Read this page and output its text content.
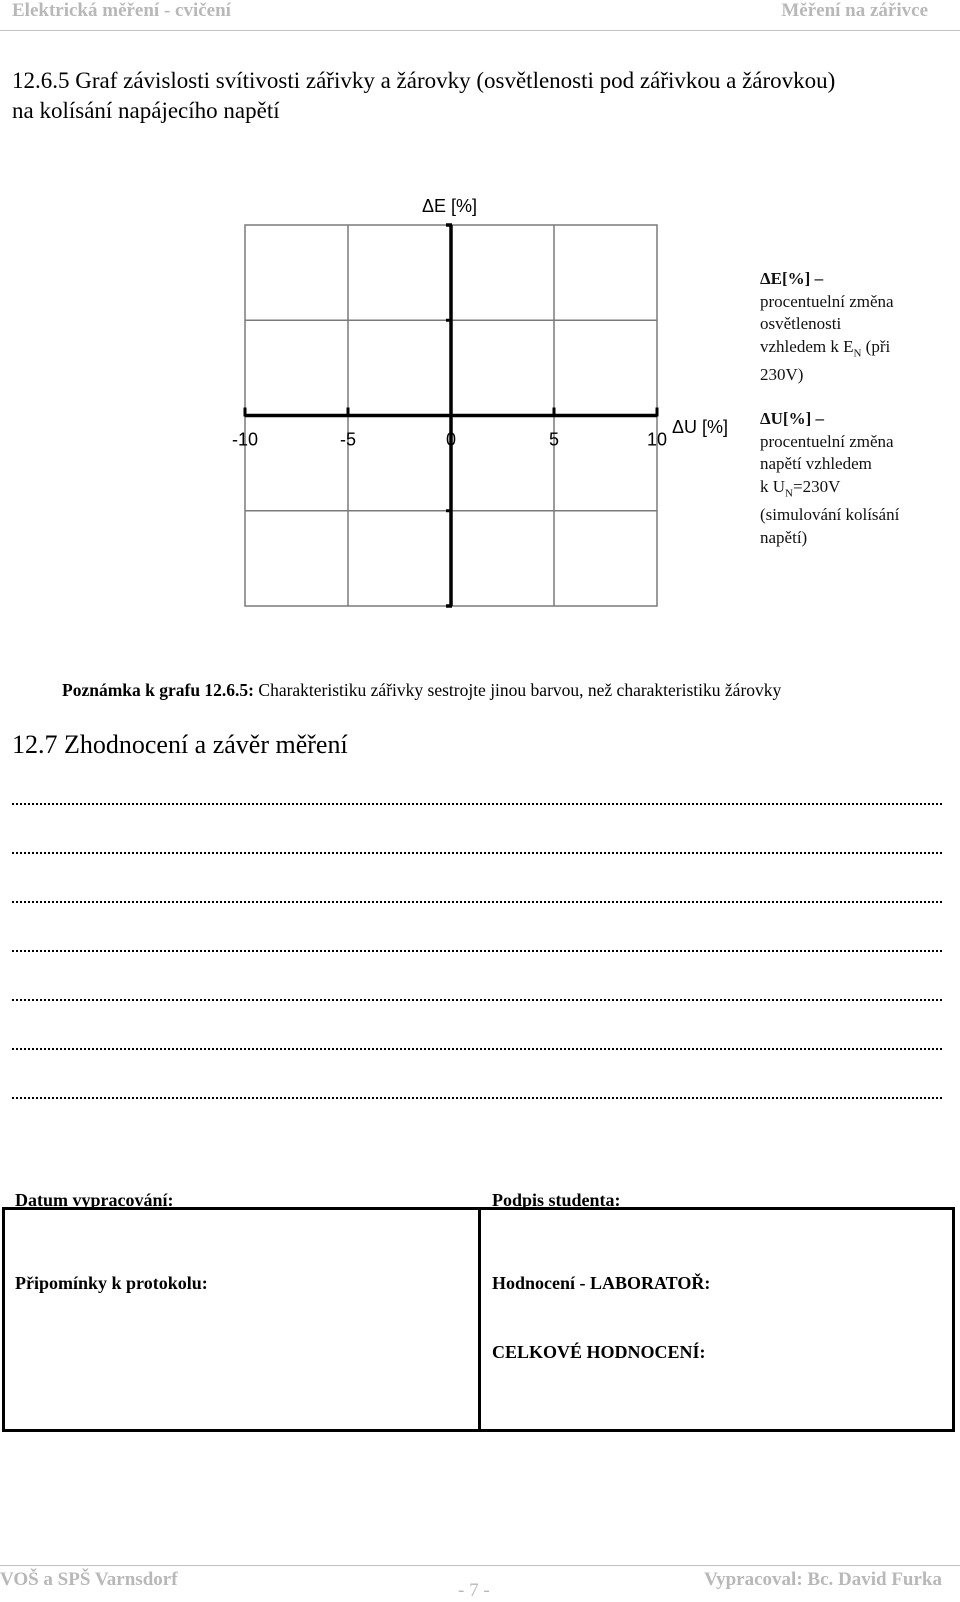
Elektrická měření - cvičení	Měření na zářivce
12.6.5 Graf závislosti svítivosti zářivky a žárovky (osvětlenosti pod zářivkou a žárovkou) na kolísání napájecího napětí
-10	-5	0	5	10
ΔE [%]
ΔU [%]
ΔE[%] –
procentuelní změna
osvětlenosti
vzhledem k $E_N$ (při
230V)
ΔU[%] –
procentuelní změna
napětí vzhledem
k $U_N=230V$
(simulování kolísání
napětí)
Poznámka k grafu 12.6.5: Charakteristiku zářivky sestrojte jinou barvou, než charakteristiku žárovky
12.7 Zhodnocení a závěr měření
Datum vypracování:	Podpis studenta:
Připomínky k protokolu:	Hodnocení - LABORATOŘ:
CELKOVÉ HODNOCENÍ:
VOŠ a SPŠ Varnsdorf
- 7 -
Vypracoval: Bc. David Furka
